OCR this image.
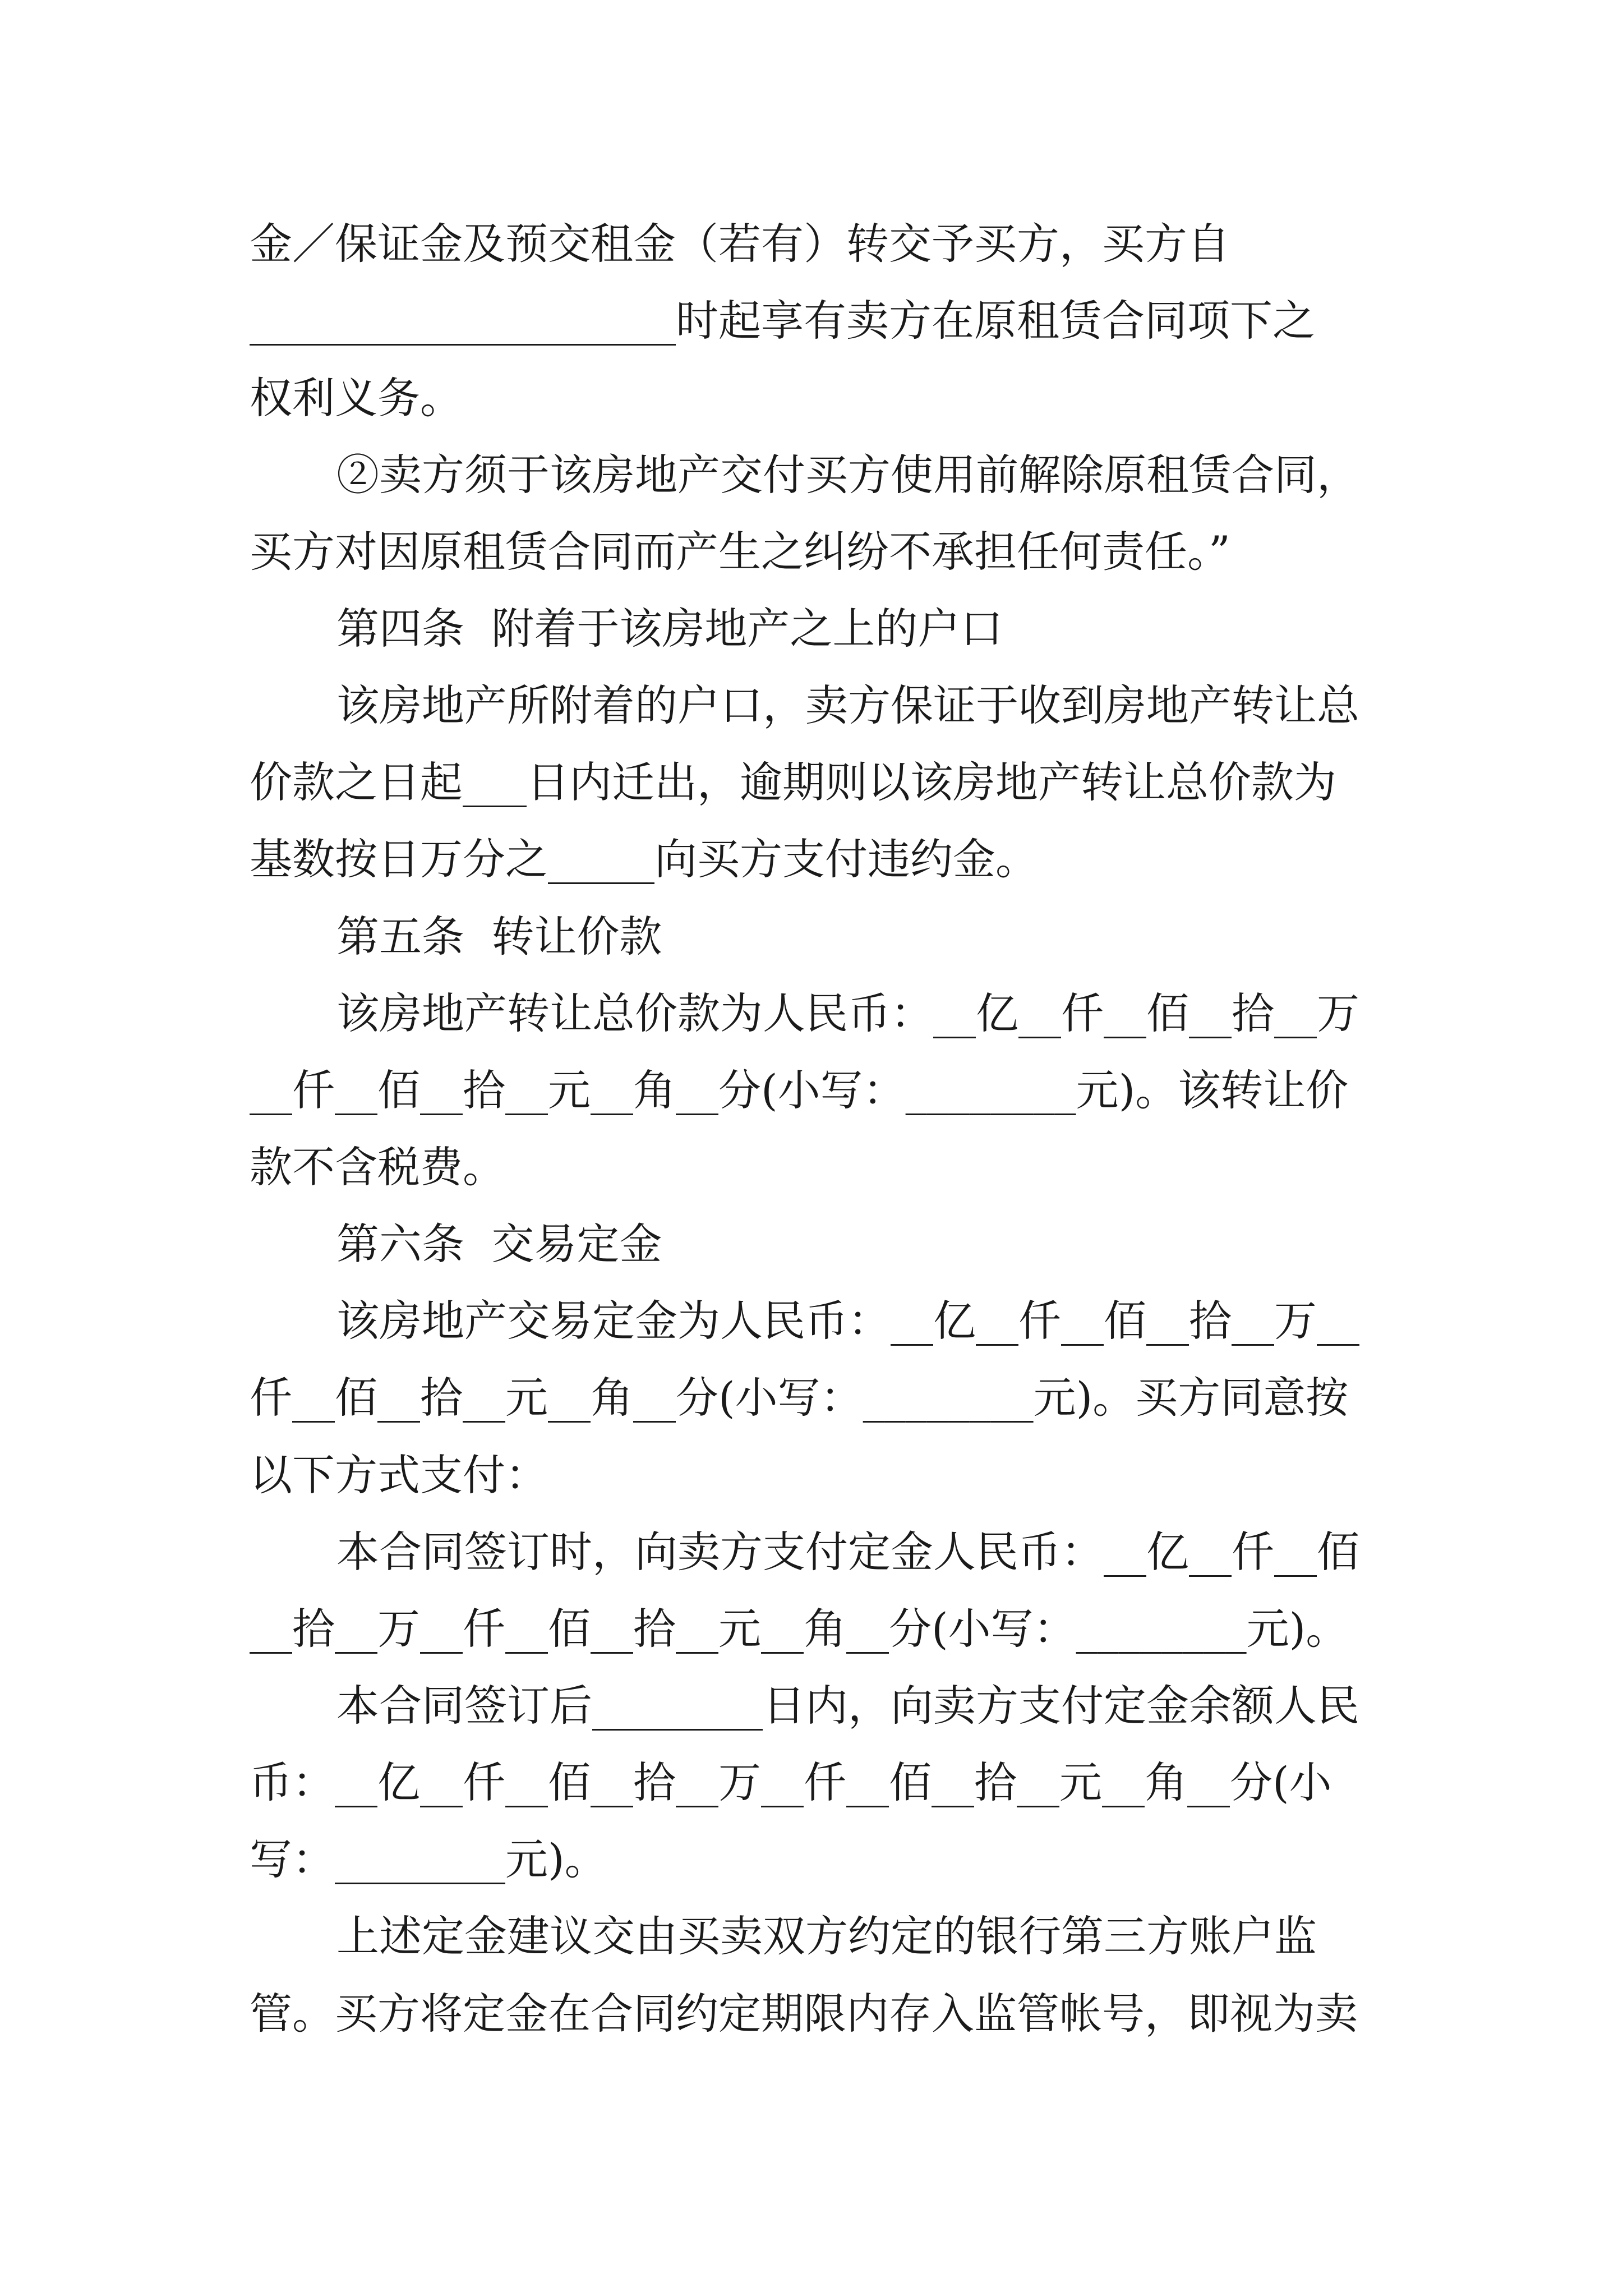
金／保证金及预交租金（若有）转交予买方，买方自
____________________时起享有卖方在原租赁合同项下之
权利义务。
②卖方须于该房地产交付买方使用前解除原租赁合同，
买方对因原租赁合同而产生之纠纷不承担任何责任。”
第四条  附着于该房地产之上的户口
该房地产所附着的户口，卖方保证于收到房地产转让总
价款之日起___日内迁出，逾期则以该房地产转让总价款为
基数按日万分之_____向买方支付违约金。
第五条  转让价款
该房地产转让总价款为人民币：__亿__仟__佰__拾__万
__仟__佰__拾__元__角__分(小写：________元)。该转让价
款不含税费。
第六条  交易定金
该房地产交易定金为人民币：__亿__仟__佰__拾__万__
仟__佰__拾__元__角__分(小写：________元)。买方同意按
以下方式支付：
本合同签订时，向卖方支付定金人民币：__亿__仟__佰
__拾__万__仟__佰__拾__元__角__分(小写：________元)。
本合同签订后________日内，向卖方支付定金余额人民
币：__亿__仟__佰__拾__万__仟__佰__拾__元__角__分(小
写：________元)。
上述定金建议交由买卖双方约定的银行第三方账户监
管。买方将定金在合同约定期限内存入监管帐号，即视为卖
